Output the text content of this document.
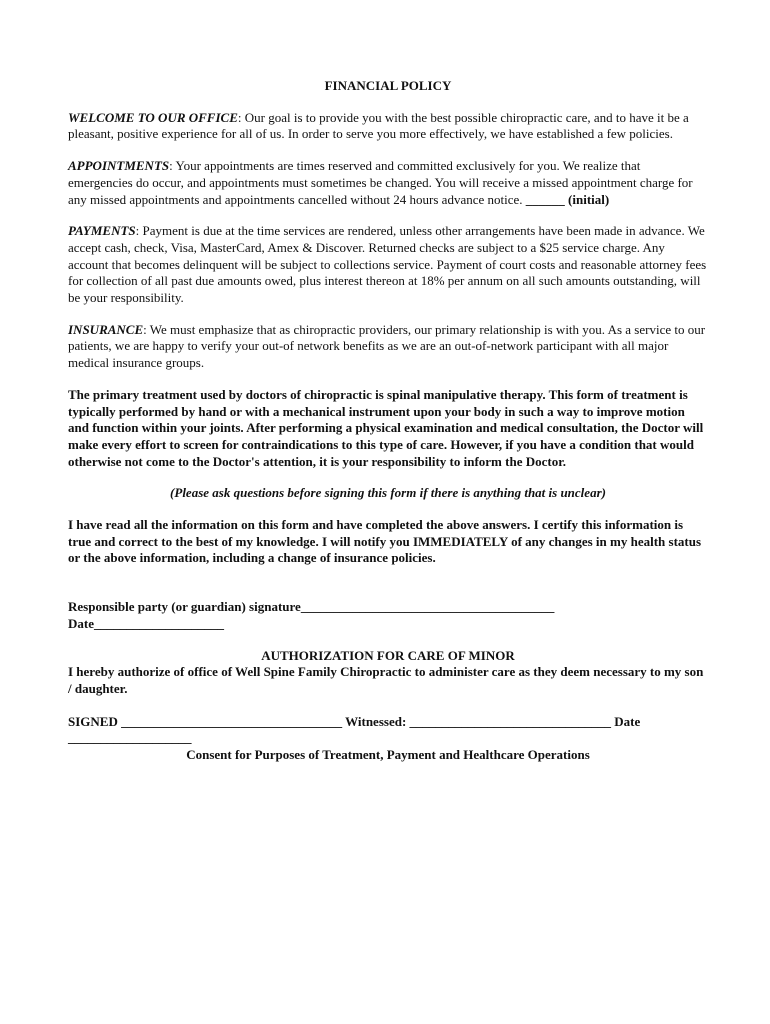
FINANCIAL POLICY

WELCOME TO OUR OFFICE: Our goal is to provide you with the best possible chiropractic care, and to have it be a pleasant, positive experience for all of us. In order to serve you more effectively, we have established a few policies.

APPOINTMENTS: Your appointments are times reserved and committed exclusively for you. We realize that emergencies do occur, and appointments must sometimes be changed. You will receive a missed appointment charge for any missed appointments and appointments cancelled without 24 hours advance notice. ______ (initial)

PAYMENTS: Payment is due at the time services are rendered, unless other arrangements have been made in advance. We accept cash, check, Visa, MasterCard, Amex & Discover. Returned checks are subject to a $25 service charge. Any account that becomes delinquent will be subject to collections service. Payment of court costs and reasonable attorney fees for collection of all past due amounts owed, plus interest thereon at 18% per annum on all such amounts outstanding, will be your responsibility.

INSURANCE: We must emphasize that as chiropractic providers, our primary relationship is with you. As a service to our patients, we are happy to verify your out-of network benefits as we are an out-of-network participant with all major medical insurance groups.

The primary treatment used by doctors of chiropractic is spinal manipulative therapy. This form of treatment is typically performed by hand or with a mechanical instrument upon your body in such a way to improve motion and function within your joints. After performing a physical examination and medical consultation, the Doctor will make every effort to screen for contraindications to this type of care. However, if you have a condition that would otherwise not come to the Doctor's attention, it is your responsibility to inform the Doctor.

(Please ask questions before signing this form if there is anything that is unclear)

I have read all the information on this form and have completed the above answers. I certify this information is true and correct to the best of my knowledge. I will notify you IMMEDIATELY of any changes in my health status or the above information, including a change of insurance policies.

Responsible party (or guardian) signature_______________________________________ Date____________________
AUTHORIZATION FOR CARE OF MINOR
I hereby authorize of office of Well Spine Family Chiropractic to administer care as they deem necessary to my son / daughter.
SIGNED __________________________________ Witnessed: _______________________________ Date ___________________
Consent for Purposes of Treatment, Payment and Healthcare Operations
